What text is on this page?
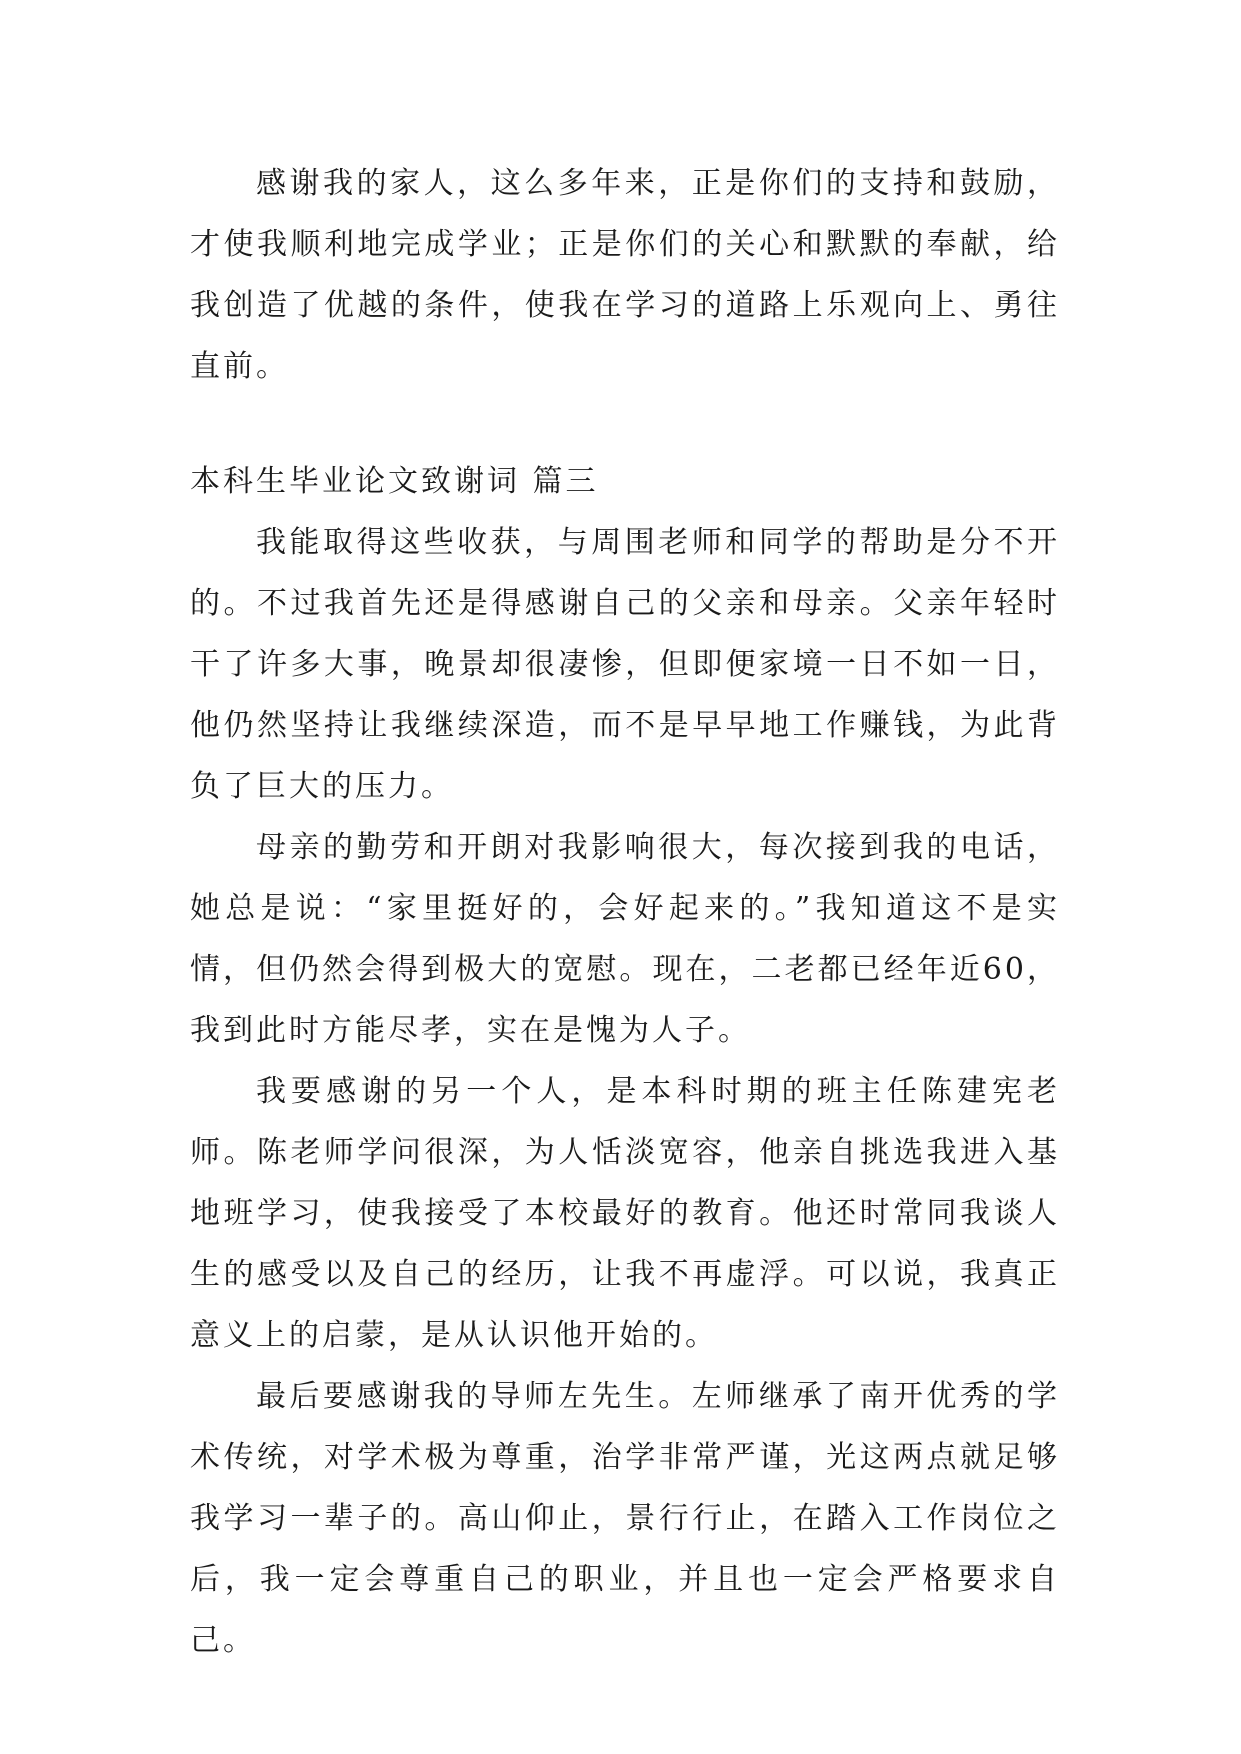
感谢我的家人，这么多年来，正是你们的支持和鼓励，才使我顺利地完成学业；正是你们的关心和默默的奉献，给我创造了优越的条件，使我在学习的道路上乐观向上、勇往直前。

本科生毕业论文致谢词 篇三

我能取得这些收获，与周围老师和同学的帮助是分不开的。不过我首先还是得感谢自己的父亲和母亲。父亲年轻时干了许多大事，晚景却很凄惨，但即便家境一日不如一日，他仍然坚持让我继续深造，而不是早早地工作赚钱，为此背负了巨大的压力。

母亲的勤劳和开朗对我影响很大，每次接到我的电话，她总是说：“家里挺好的，会好起来的。”我知道这不是实情，但仍然会得到极大的宽慰。现在，二老都已经年近60，我到此时方能尽孝，实在是愧为人子。

我要感谢的另一个人，是本科时期的班主任陈建宪老师。陈老师学问很深，为人恬淡宽容，他亲自挑选我进入基地班学习，使我接受了本校最好的教育。他还时常同我谈人生的感受以及自己的经历，让我不再虚浮。可以说，我真正意义上的启蒙，是从认识他开始的。

最后要感谢我的导师左先生。左师继承了南开优秀的学术传统，对学术极为尊重，治学非常严谨，光这两点就足够我学习一辈子的。高山仰止，景行行止，在踏入工作岗位之后，我一定会尊重自己的职业，并且也一定会严格要求自己。
